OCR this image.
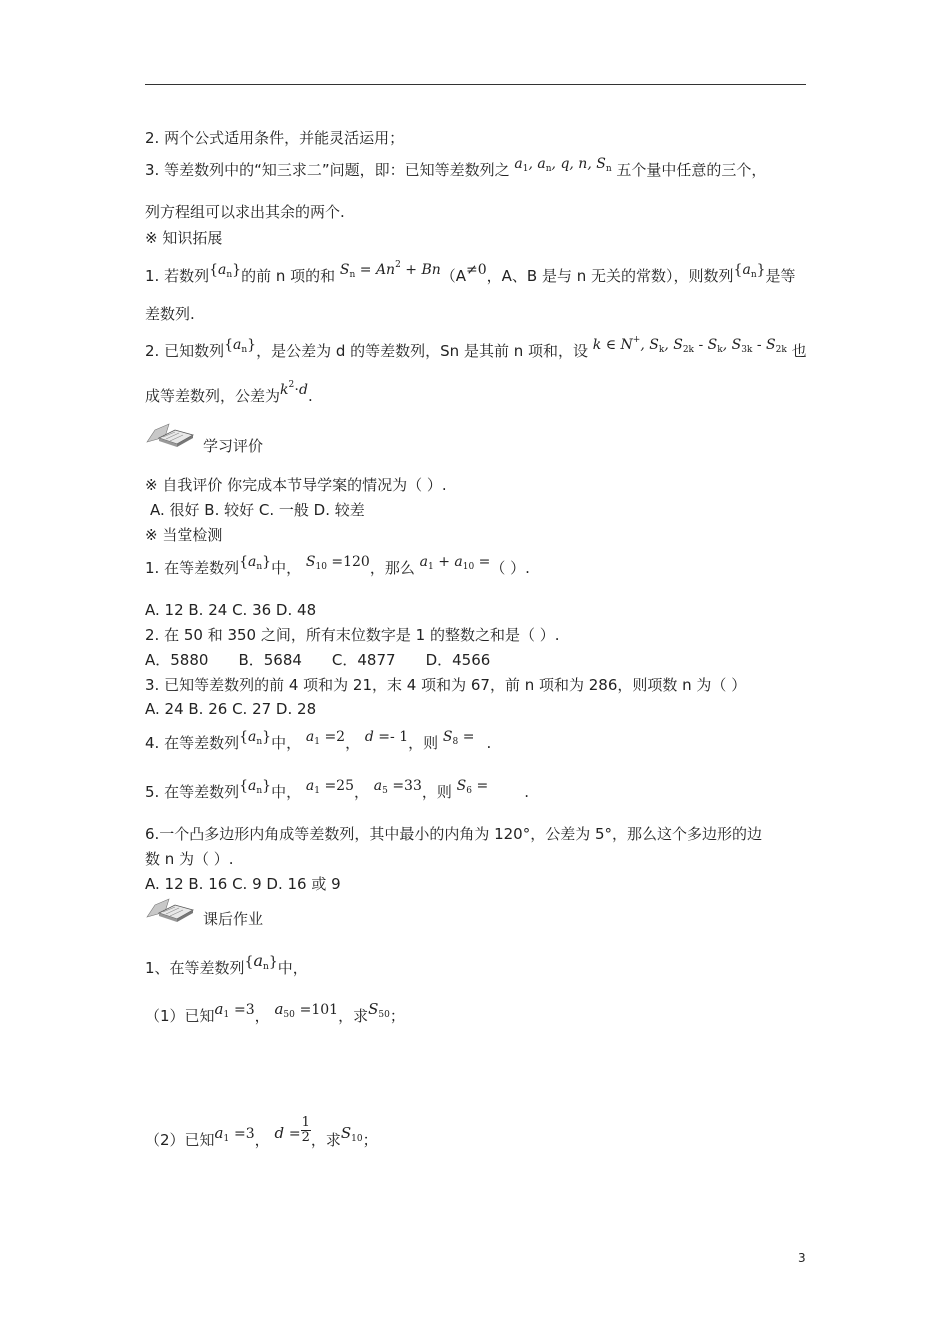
2. 两个公式适用条件，并能灵活运用；
3. 等差数列中的“知三求二”问题，即：已知等差数列之 $a_1$, $a_n$, q, n, $S_n$ 五个量中任意的三个，
列方程组可以求出其余的两个.
※ 知识拓展
1. 若数列$\{a_n\}$的前 n 项的和 $S_n = An^2 + Bn(A\ne 0$，A、B 是与 n 无关的常数），则数列$\{a_n\}$是等
差数列.
2. 已知数列$\{a_n\}$，是公差为 d 的等差数列，Sn 是其前 n 项和，设 k ∈ N+, $S_k$, $S_{2k} - S_k$, $S_{3k} - S_{2k}$ 也
成等差数列，公差为$k^2\cdot d$.
学习评价
※ 自我评价 你完成本节导学案的情况为（ ）.
A. 很好 B. 较好 C. 一般 D. 较差
※ 当堂检测
1. 在等差数列$\{a_n\}$中， $S_{10} =120$，那么 $a_1 + a_{10}$ =（ ）.
A. 12 B. 24 C. 36 D. 48
2. 在 50 和 350 之间，所有末位数字是 1 的整数之和是（ ）.
A．5880 B．5684 C．4877 D．4566
3. 已知等差数列的前 4 项和为 21，末 4 项和为 67，前 n 项和为 286，则项数 n 为（ ）
A. 24 B. 26 C. 27 D. 28
4. 在等差数列$\{a_n\}$中， $a_1 =2$， d =- 1，则 $S_8$ = .
5. 在等差数列$\{a_n\}$中， $a_1 =25$， $a_5 =33$，则 $S_6$ = .
6.一个凸多边形内角成等差数列，其中最小的内角为 120°，公差为 5°，那么这个多边形的边
数 n 为（ ）.
A. 12 B. 16 C. 9 D. 16 或 9
课后作业
1、在等差数列{an}中，
（1）已知$a_1 =3$， $a_{50} =101$，求$S_{50}$；
（2）已知$a_1 =3$， $d = \frac{1}{2}$ ，求$S_{10}$；
3
